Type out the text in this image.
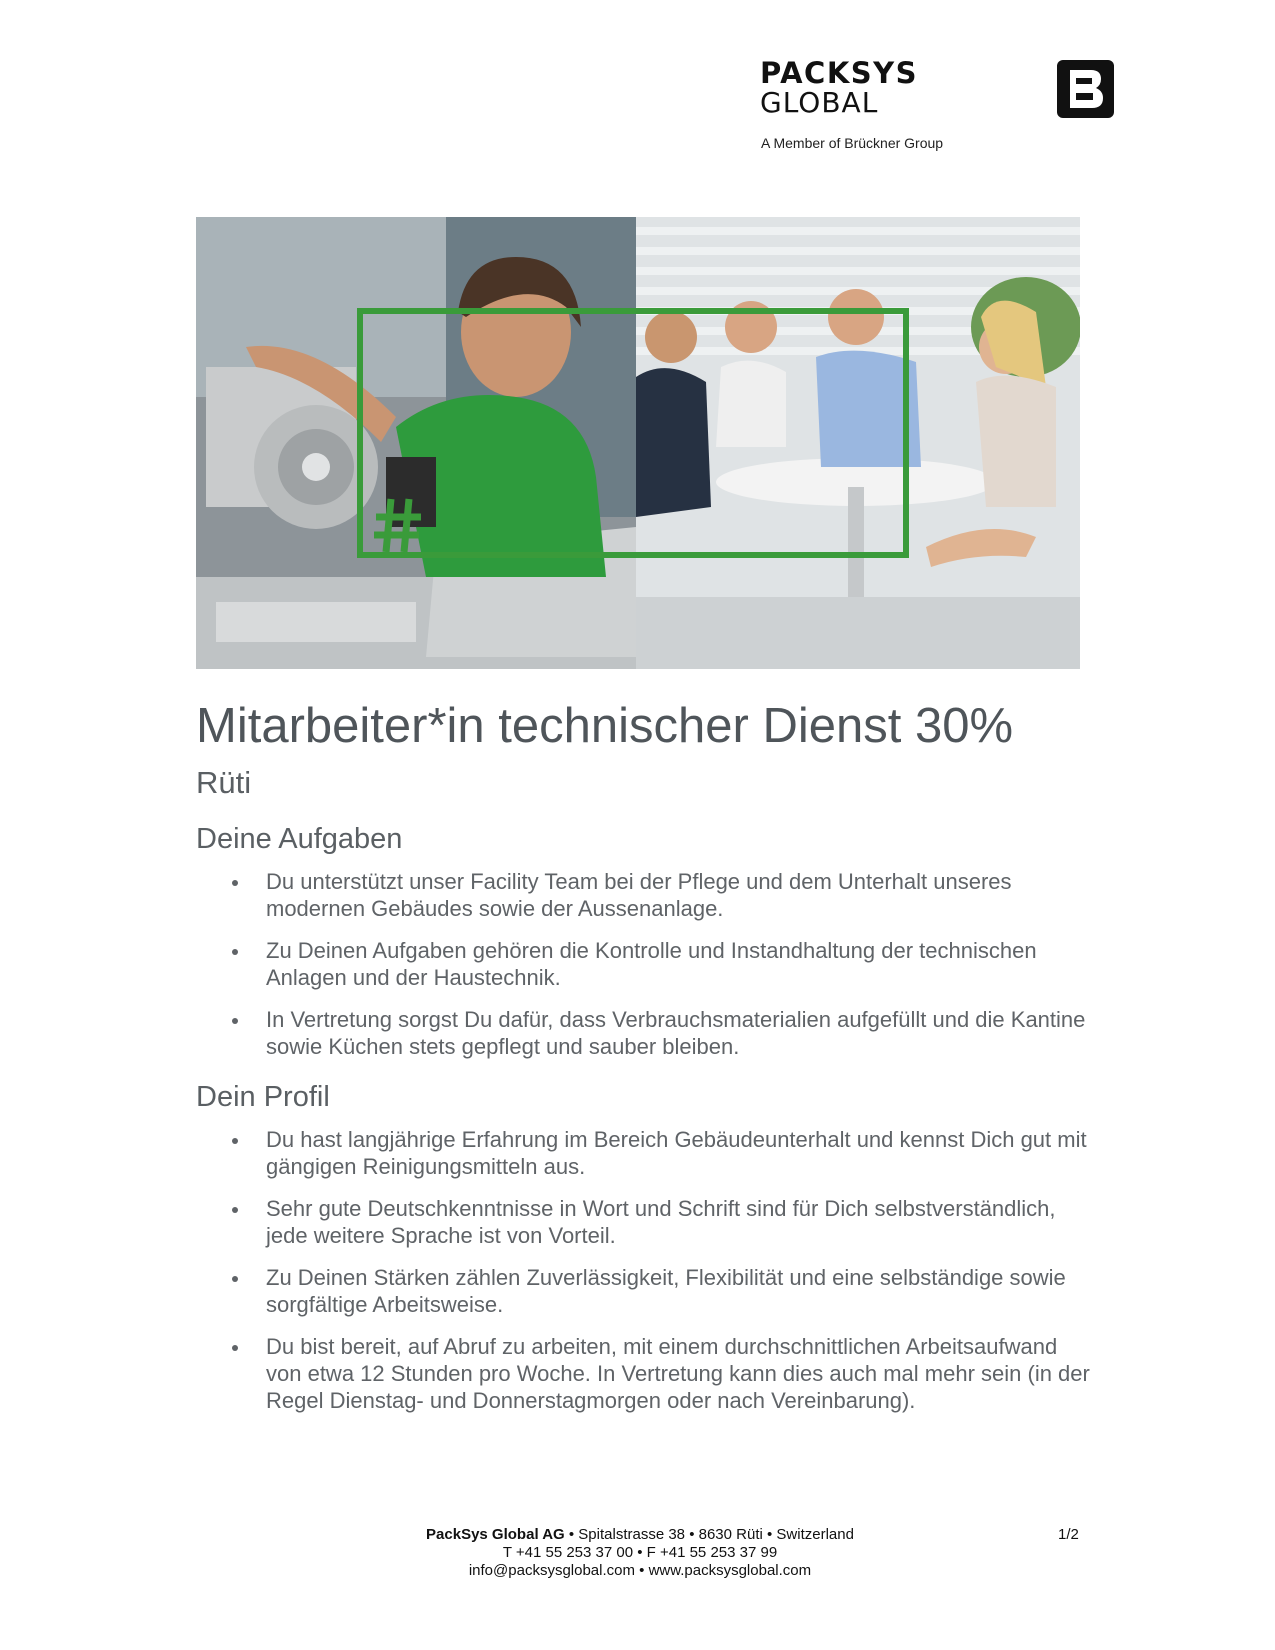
PACKSYS
GLOBAL
A Member of Brückner Group
Mitarbeiter*in technischer Dienst 30%
Rüti
Deine Aufgaben
Du unterstützt unser Facility Team bei der Pflege und dem Unterhalt unseres modernen Gebäudes sowie der Aussenanlage.
Zu Deinen Aufgaben gehören die Kontrolle und Instandhaltung der technischen Anlagen und der Haustechnik.
In Vertretung sorgst Du dafür, dass Verbrauchsmaterialien aufgefüllt und die Kantine sowie Küchen stets gepflegt und sauber bleiben.
Dein Profil
Du hast langjährige Erfahrung im Bereich Gebäudeunterhalt und kennst Dich gut mit gängigen Reinigungsmitteln aus.
Sehr gute Deutschkenntnisse in Wort und Schrift sind für Dich selbstverständlich, jede weitere Sprache ist von Vorteil.
Zu Deinen Stärken zählen Zuverlässigkeit, Flexibilität und eine selbständige sowie sorgfältige Arbeitsweise.
Du bist bereit, auf Abruf zu arbeiten, mit einem durchschnittlichen Arbeitsaufwand von etwa 12 Stunden pro Woche. In Vertretung kann dies auch mal mehr sein (in der Regel Dienstag- und Donnerstagmorgen oder nach Vereinbarung).
PackSys Global AG • Spitalstrasse 38 • 8630 Rüti • Switzerland
T +41 55 253 37 00 • F +41 55 253 37 99
info@packsysglobal.com • www.packsysglobal.com
1/2
